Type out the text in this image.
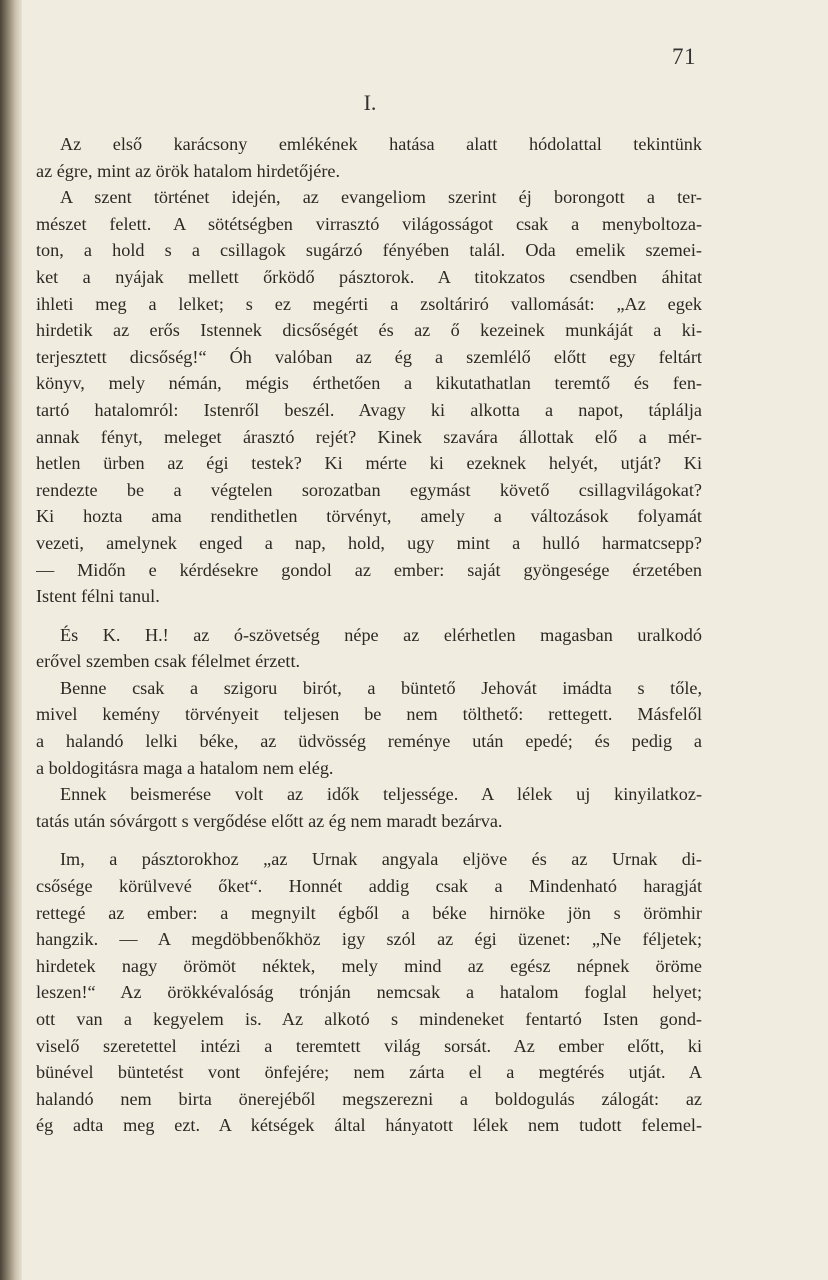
71
I.
Az első karácsony emlékének hatása alatt hódolattal tekintünk
az égre, mint az örök hatalom hirdetőjére.
A szent történet idején, az evangeliom szerint éj borongott a ter-
mészet felett. A sötétségben virrasztó világosságot csak a menyboltoza-
ton, a hold s a csillagok sugárzó fényében talál. Oda emelik szemei-
ket a nyájak mellett őrködő pásztorok. A titokzatos csendben áhitat
ihleti meg a lelket; s ez megérti a zsoltáriró vallomását: „Az egek
hirdetik az erős Istennek dicsőségét és az ő kezeinek munkáját a ki-
terjesztett dicsőség!“ Óh valóban az ég a szemlélő előtt egy feltárt
könyv, mely némán, mégis érthetően a kikutathatlan teremtő és fen-
tartó hatalomról: Istenről beszél. Avagy ki alkotta a napot, táplálja
annak fényt, meleget árasztó rejét? Kinek szavára állottak elő a mér-
hetlen ürben az égi testek? Ki mérte ki ezeknek helyét, utját? Ki
rendezte be a végtelen sorozatban egymást követő csillagvilágokat?
Ki hozta ama rendithetlen törvényt, amely a változások folyamát
vezeti, amelynek enged a nap, hold, ugy mint a hulló harmatcsepp?
— Midőn e kérdésekre gondol az ember: saját gyöngesége érzetében
Istent félni tanul.
És K. H.! az ó-szövetség népe az elérhetlen magasban uralkodó
erővel szemben csak félelmet érzett.
Benne csak a szigoru birót, a büntető Jehovát imádta s tőle,
mivel kemény törvényeit teljesen be nem tölthető: rettegett. Másfelől
a halandó lelki béke, az üdvösség reménye után epedé; és pedig a
a boldogitásra maga a hatalom nem elég.
Ennek beismerése volt az idők teljessége. A lélek uj kinyilatkoz-
tatás után sóvárgott s vergődése előtt az ég nem maradt bezárva.
Im, a pásztorokhoz „az Urnak angyala eljöve és az Urnak di-
csősége körülvevé őket“. Honnét addig csak a Mindenható haragját
rettegé az ember: a megnyilt égből a béke hirnöke jön s örömhir
hangzik. — A megdöbbenőkhöz igy szól az égi üzenet: „Ne féljetek;
hirdetek nagy örömöt néktek, mely mind az egész népnek öröme
leszen!“ Az örökkévalóság trónján nemcsak a hatalom foglal helyet;
ott van a kegyelem is. Az alkotó s mindeneket fentartó Isten gond-
viselő szeretettel intézi a teremtett világ sorsát. Az ember előtt, ki
bünével büntetést vont önfejére; nem zárta el a megtérés utját. A
halandó nem birta önerejéből megszerezni a boldogulás zálogát: az
ég adta meg ezt. A kétségek által hányatott lélek nem tudott felemel-
